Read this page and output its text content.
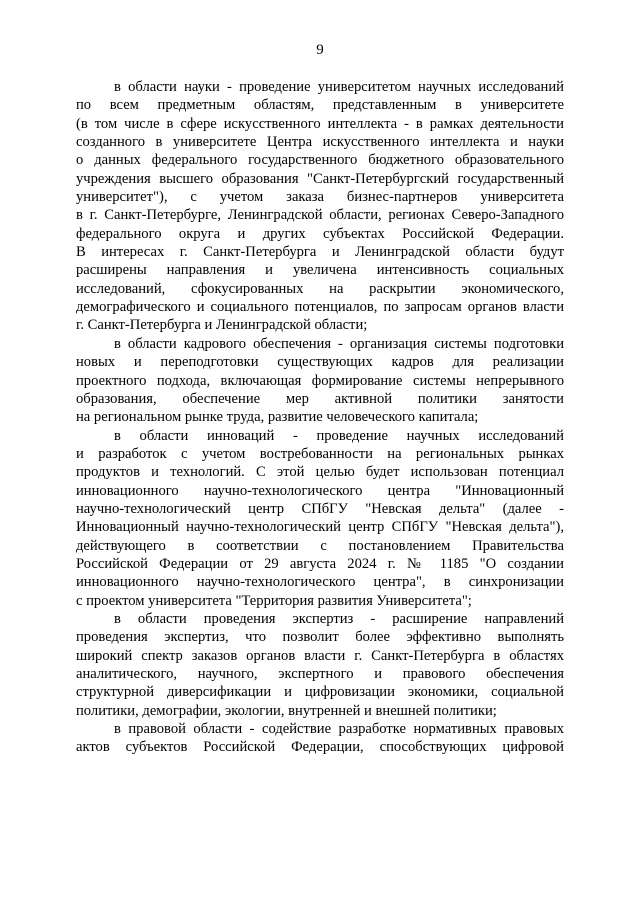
9
в области науки - проведение университетом научных исследований
по всем предметным областям, представленным в университете
(в том числе в сфере искусственного интеллекта - в рамках деятельности
созданного в университете Центра искусственного интеллекта и науки
о данных федерального государственного бюджетного образовательного
учреждения высшего образования "Санкт-Петербургский государственный
университет"), с учетом заказа бизнес-партнеров университета
в г. Санкт-Петербурге, Ленинградской области, регионах Северо-Западного
федерального округа и других субъектах Российской Федерации.
В интересах г. Санкт-Петербурга и Ленинградской области будут
расширены направления и увеличена интенсивность социальных
исследований, сфокусированных на раскрытии экономического,
демографического и социального потенциалов, по запросам органов власти
г. Санкт-Петербурга и Ленинградской области;
в области кадрового обеспечения - организация системы подготовки
новых и переподготовки существующих кадров для реализации
проектного подхода, включающая формирование системы непрерывного
образования, обеспечение мер активной политики занятости
на региональном рынке труда, развитие человеческого капитала;
в области инноваций - проведение научных исследований
и разработок с учетом востребованности на региональных рынках
продуктов и технологий. С этой целью будет использован потенциал
инновационного научно-технологического центра "Инновационный
научно-технологический центр СПбГУ "Невская дельта" (далее -
Инновационный научно-технологический центр СПбГУ "Невская дельта"),
действующего в соответствии с постановлением Правительства
Российской Федерации от 29 августа 2024 г. № 1185 "О создании
инновационного научно-технологического центра", в синхронизации
с проектом университета "Территория развития Университета";
в области проведения экспертиз - расширение направлений
проведения экспертиз, что позволит более эффективно выполнять
широкий спектр заказов органов власти г. Санкт-Петербурга в областях
аналитического, научного, экспертного и правового обеспечения
структурной диверсификации и цифровизации экономики, социальной
политики, демографии, экологии, внутренней и внешней политики;
в правовой области - содействие разработке нормативных правовых
актов субъектов Российской Федерации, способствующих цифровой
